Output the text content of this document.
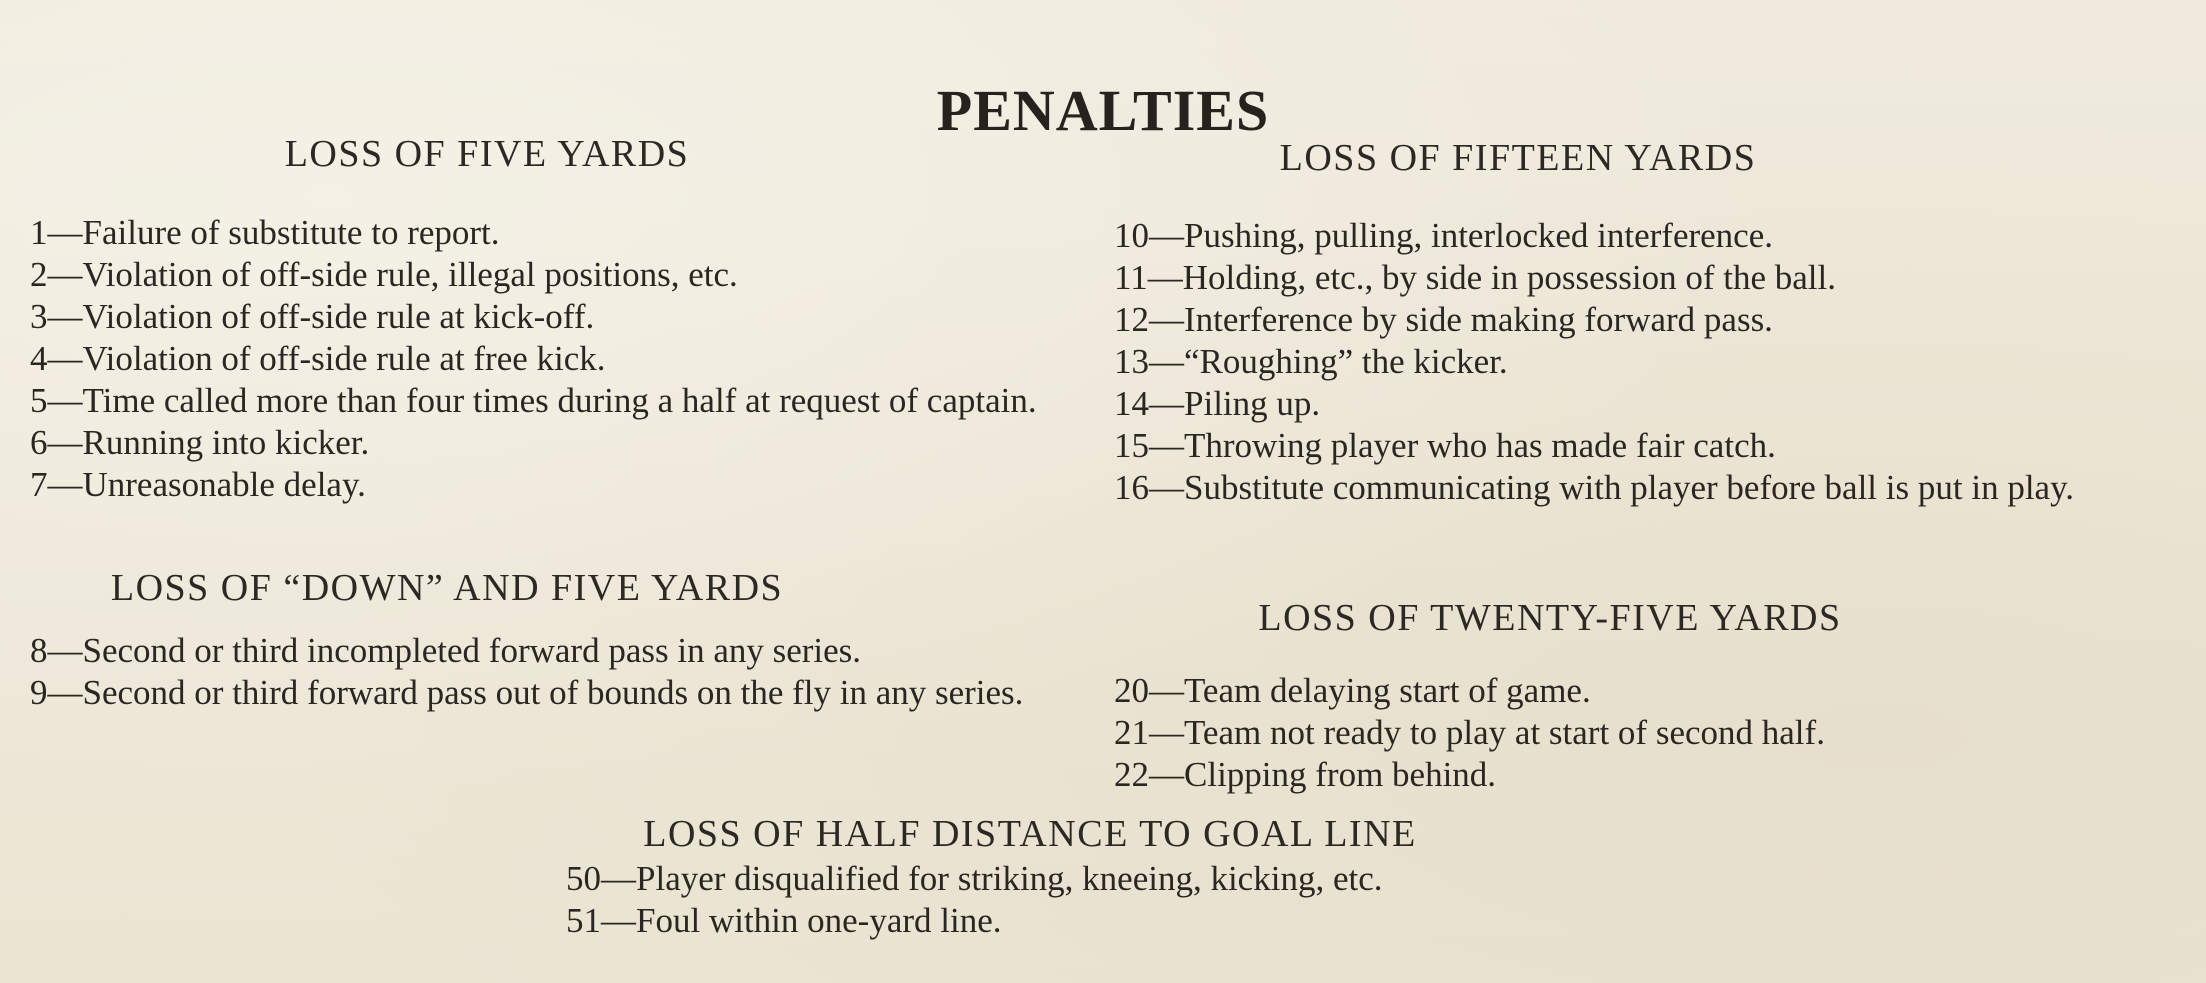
PENALTIES
LOSS OF FIVE YARDS
1—Failure of substitute to report.
2—Violation of off-side rule, illegal positions, etc.
3—Violation of off-side rule at kick-off.
4—Violation of off-side rule at free kick.
5—Time called more than four times during a half at request of captain.
6—Running into kicker.
7—Unreasonable delay.
LOSS OF “DOWN” AND FIVE YARDS
8—Second or third incompleted forward pass in any series.
9—Second or third forward pass out of bounds on the fly in any series.
LOSS OF FIFTEEN YARDS
10—Pushing, pulling, interlocked interference.
11—Holding, etc., by side in possession of the ball.
12—Interference by side making forward pass.
13—“Roughing” the kicker.
14—Piling up.
15—Throwing player who has made fair catch.
16—Substitute communicating with player before ball is put in play.
LOSS OF TWENTY-FIVE YARDS
20—Team delaying start of game.
21—Team not ready to play at start of second half.
22—Clipping from behind.
LOSS OF HALF DISTANCE TO GOAL LINE
50—Player disqualified for striking, kneeing, kicking, etc.
51—Foul within one-yard line.
